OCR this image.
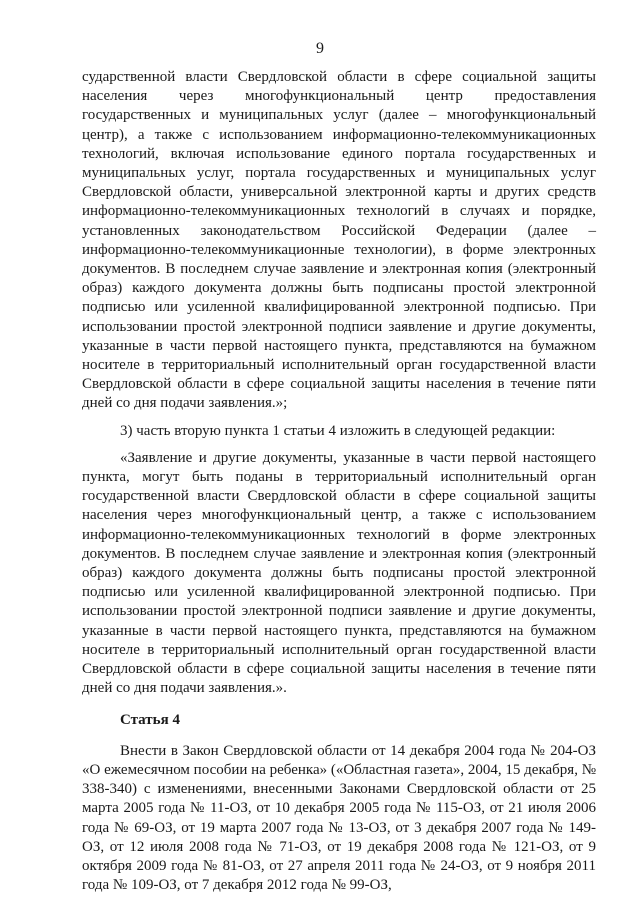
9

сударственной власти Свердловской области в сфере социальной защиты населения через многофункциональный центр предоставления государственных и муниципальных услуг (далее – многофункциональный центр), а также с использованием информационно-телекоммуникационных технологий, включая использование единого портала государственных и муниципальных услуг, портала государственных и муниципальных услуг Свердловской области, универсальной электронной карты и других средств информационно-телекоммуникационных технологий в случаях и порядке, установленных законодательством Российской Федерации (далее – информационно-телекоммуникационные технологии), в форме электронных документов. В последнем случае заявление и электронная копия (электронный образ) каждого документа должны быть подписаны простой электронной подписью или усиленной квалифицированной электронной подписью. При использовании простой электронной подписи заявление и другие документы, указанные в части первой настоящего пункта, представляются на бумажном носителе в территориальный исполнительный орган государственной власти Свердловской области в сфере социальной защиты населения в течение пяти дней со дня подачи заявления.»;

3) часть вторую пункта 1 статьи 4 изложить в следующей редакции:

«Заявление и другие документы, указанные в части первой настоящего пункта, могут быть поданы в территориальный исполнительный орган государственной власти Свердловской области в сфере социальной защиты населения через многофункциональный центр, а также с использованием информационно-телекоммуникационных технологий в форме электронных документов. В последнем случае заявление и электронная копия (электронный образ) каждого документа должны быть подписаны простой электронной подписью или усиленной квалифицированной электронной подписью. При использовании простой электронной подписи заявление и другие документы, указанные в части первой настоящего пункта, представляются на бумажном носителе в территориальный исполнительный орган государственной власти Свердловской области в сфере социальной защиты населения в течение пяти дней со дня подачи заявления.».

Статья 4

Внести в Закон Свердловской области от 14 декабря 2004 года № 204-ОЗ «О ежемесячном пособии на ребенка» («Областная газета», 2004, 15 декабря, № 338-340) с изменениями, внесенными Законами Свердловской области от 25 марта 2005 года № 11-ОЗ, от 10 декабря 2005 года № 115-ОЗ, от 21 июля 2006 года № 69-ОЗ, от 19 марта 2007 года № 13-ОЗ, от 3 декабря 2007 года № 149-ОЗ, от 12 июля 2008 года № 71-ОЗ, от 19 декабря 2008 года № 121-ОЗ, от 9 октября 2009 года № 81-ОЗ, от 27 апреля 2011 года № 24-ОЗ, от 9 ноября 2011 года № 109-ОЗ, от 7 декабря 2012 года № 99-ОЗ,
